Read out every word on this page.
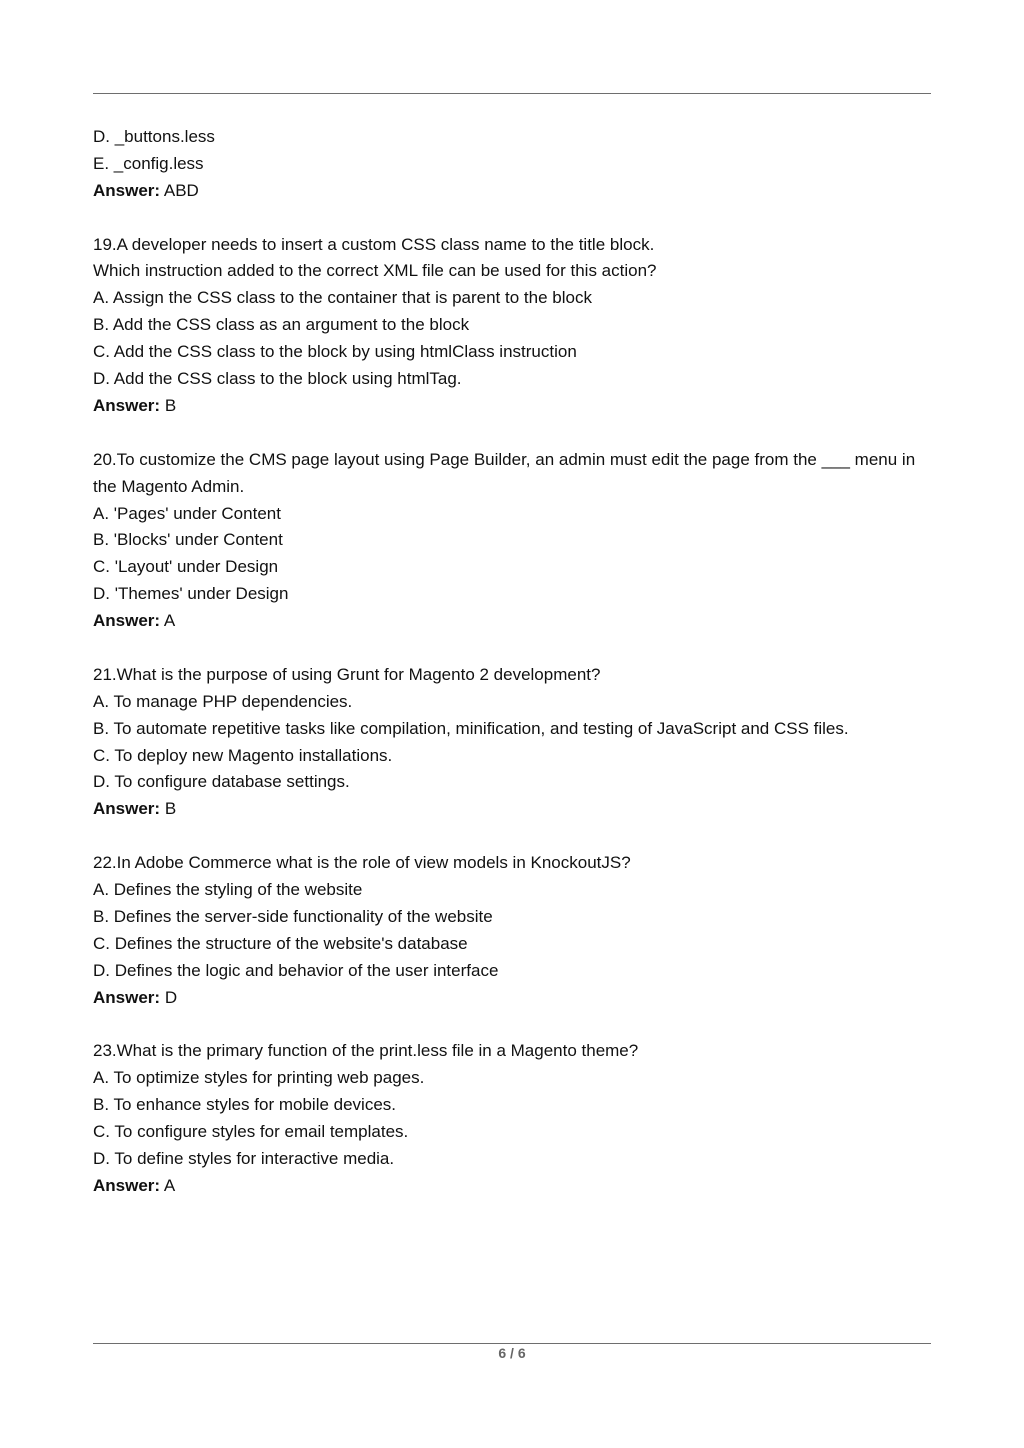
D. _buttons.less
E. _config.less
Answer: ABD
19.A developer needs to insert a custom CSS class name to the title block.
Which instruction added to the correct XML file can be used for this action?
A. Assign the CSS class to the container that is parent to the block
B. Add the CSS class as an argument to the block
C. Add the CSS class to the block by using htmlClass instruction
D. Add the CSS class to the block using htmlTag.
Answer: B
20.To customize the CMS page layout using Page Builder, an admin must edit the page from the ___ menu in the Magento Admin.
A. 'Pages' under Content
B. 'Blocks' under Content
C. 'Layout' under Design
D. 'Themes' under Design
Answer: A
21.What is the purpose of using Grunt for Magento 2 development?
A. To manage PHP dependencies.
B. To automate repetitive tasks like compilation, minification, and testing of JavaScript and CSS files.
C. To deploy new Magento installations.
D. To configure database settings.
Answer: B
22.In Adobe Commerce what is the role of view models in KnockoutJS?
A. Defines the styling of the website
B. Defines the server-side functionality of the website
C. Defines the structure of the website's database
D. Defines the logic and behavior of the user interface
Answer: D
23.What is the primary function of the print.less file in a Magento theme?
A. To optimize styles for printing web pages.
B. To enhance styles for mobile devices.
C. To configure styles for email templates.
D. To define styles for interactive media.
Answer: A
6 / 6
